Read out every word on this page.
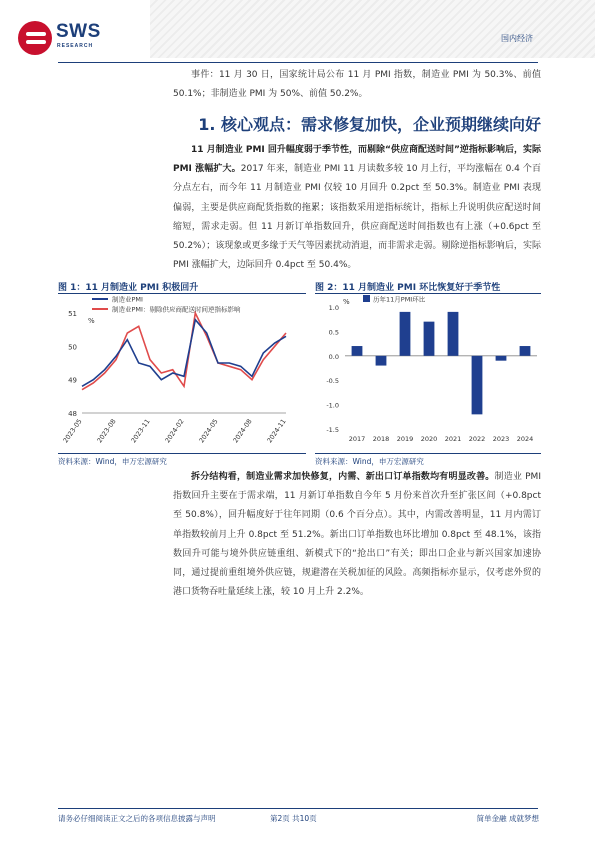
SWS
RESEARCH
国内经济
事件：11 月 30 日，国家统计局公布 11 月 PMI 指数，制造业 PMI 为 50.3%、前值 50.1%；非制造业 PMI 为 50%、前值 50.2%。
1. 核心观点：需求修复加快，企业预期继续向好
11 月制造业 PMI 回升幅度弱于季节性，而剔除“供应商配送时间”逆指标影响后，实际 PMI 涨幅扩大。2017 年来，制造业 PMI 11 月读数多较 10 月上行，平均涨幅在 0.4 个百分点左右，而今年 11 月制造业 PMI 仅较 10 月回升 0.2pct 至 50.3%。制造业 PMI 表现偏弱，主要是供应商配货指数的拖累；该指数采用逆指标统计，指标上升说明供应配送时间缩短，需求走弱。但 11 月新订单指数回升，供应商配送时间指数也有上涨（+0.6pct 至 50.2%）；该现象或更多缘于天气等因素扰动消退，而非需求走弱。剔除逆指标影响后，实际 PMI 涨幅扩大，边际回升 0.4pct 至 50.4%。
图 1：11 月制造业 PMI 积极回升
48
49
50
51
%
2023-05 2023-08 2023-11 2024-02 2024-05 2024-08 2024-11
制造业PMI
制造业PMI：剔除供应商配送时间逆指标影响
资料来源：Wind，申万宏源研究
图 2：11 月制造业 PMI 环比恢复好于季节性
1.0
0.5
0.0
-0.5
-1.0
-1.5
%
2017 2018 2019 2020 2021 2022 2023 2024
历年11月PMI环比
资料来源：Wind，申万宏源研究
拆分结构看，制造业需求加快修复，内需、新出口订单指数均有明显改善。制造业 PMI 指数回升主要在于需求端，11 月新订单指数自今年 5 月份来首次升至扩张区间（+0.8pct 至 50.8%），回升幅度好于往年同期（0.6 个百分点）。其中，内需改善明显，11 月内需订单指数较前月上升 0.8pct 至 51.2%。新出口订单指数也环比增加 0.8pct 至 48.1%，该指数回升可能与境外供应链重组、新模式下的“抢出口”有关；即出口企业与新兴国家加速协同，通过提前重组境外供应链，规避潜在关税加征的风险。高频指标亦显示，仅考虑外贸的港口货物吞吐量延续上涨，较 10 月上升 2.2%。
请务必仔细阅读正文之后的各项信息披露与声明	第2页 共10页	简单金融 成就梦想
